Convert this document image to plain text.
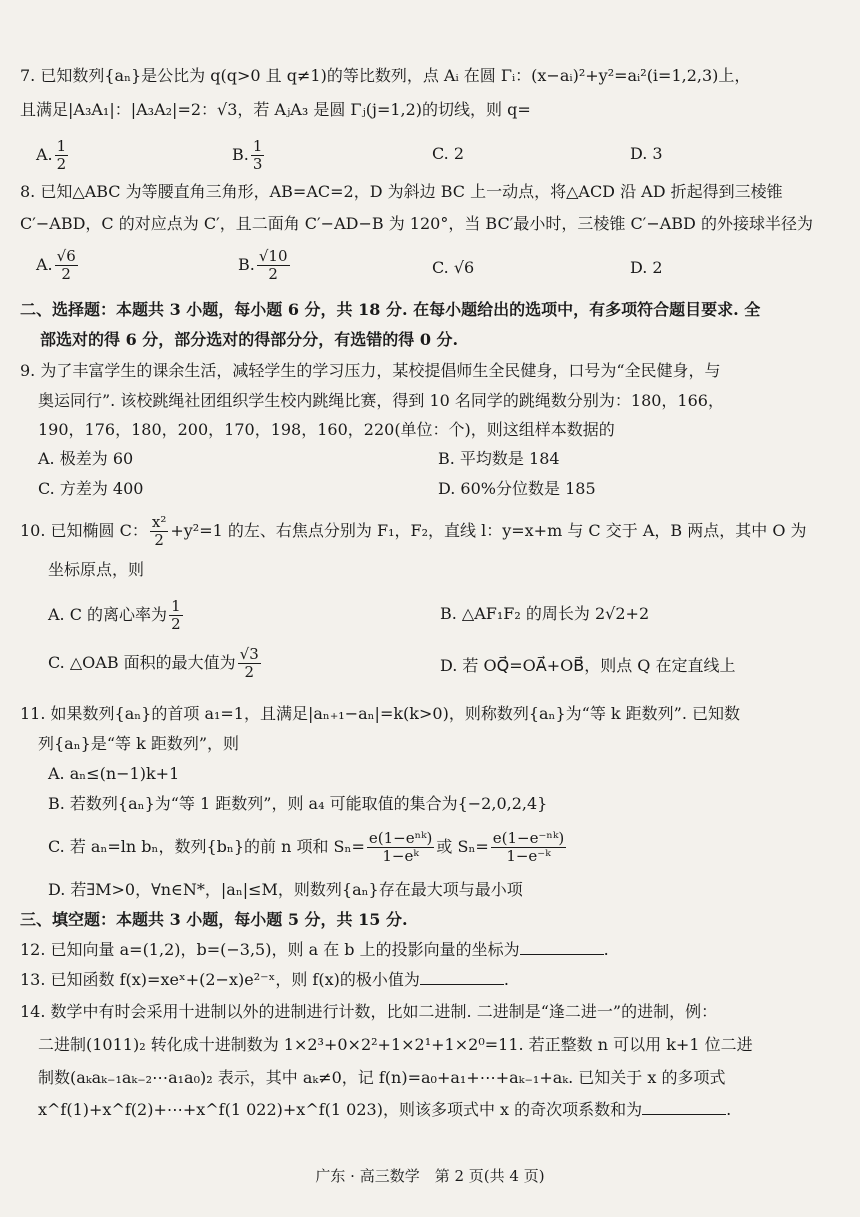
7. 已知数列{aₙ}是公比为 q(q>0 且 q≠1)的等比数列，点 Aᵢ 在圆 Γᵢ：(x−aᵢ)²+y²=aᵢ²(i=1,2,3)上，
且满足|A₃A₁|：|A₃A₂|=2：√3，若 AⱼA₃ 是圆 Γⱼ(j=1,2)的切线，则 q=
A. $\frac{1}{2}$	B. $\frac{1}{3}$	C. 2	D. 3
8. 已知△ABC 为等腰直角三角形，AB=AC=2，D 为斜边 BC 上一动点，将△ACD 沿 AD 折起得到三棱锥
C′−ABD，C 的对应点为 C′，且二面角 C′−AD−B 为 120°，当 BC′最小时，三棱锥 C′−ABD 的外接球半径为
A. $\frac{√6}{2}$	B. $\frac{√10}{2}$	C. √6	D. 2
二、选择题：本题共 3 小题，每小题 6 分，共 18 分. 在每小题给出的选项中，有多项符合题目要求. 全
部选对的得 6 分，部分选对的得部分分，有选错的得 0 分.
9. 为了丰富学生的课余生活，减轻学生的学习压力，某校提倡师生全民健身，口号为“全民健身，与
奥运同行”. 该校跳绳社团组织学生校内跳绳比赛，得到 10 名同学的跳绳数分别为：180，166，
190，176，180，200，170，198，160，220(单位：个)，则这组样本数据的
A. 极差为 60	B. 平均数是 184
C. 方差为 400	D. 60%分位数是 185
10. 已知椭圆 C： $\frac{\text{x²}}{2} +y^2=1$ 的左、右焦点分别为 F₁，F₂，直线 l：y=x+m 与 C 交于 A，B 两点，其中 O 为
坐标原点，则
A. C 的离心率为 $\frac{1}{2}$	B. △AF₁F₂ 的周长为 2√2+2
C. △OAB 面积的最大值为 $\frac{√3}{2}$	D. 若 OQ⃗=OA⃗+OB⃗，则点 Q 在定直线上
11. 如果数列{aₙ}的首项 a₁=1，且满足|aₙ₊₁−aₙ|=k(k>0)，则称数列{aₙ}为“等 k 距数列”. 已知数
列{aₙ}是“等 k 距数列”，则
A. aₙ≤(n−1)k+1
B. 若数列{aₙ}为“等 1 距数列”，则 a₄ 可能取值的集合为{−2,0,2,4}
C. 若 aₙ=ln bₙ，数列{bₙ}的前 n 项和 Sₙ= e(1−eⁿᵏ)
1−eᵏ 或 $S_n= \frac{\text{e(1−e⁻ⁿᵏ)}}{\text{1−e⁻ᵏ}}$
D. 若∃M>0，∀n∈N*，|aₙ|≤M，则数列{aₙ}存在最大项与最小项
三、填空题：本题共 3 小题，每小题 5 分，共 15 分.
12. 已知向量 a=(1,2)，b=(−3,5)，则 a 在 b 上的投影向量的坐标为	.
13. 已知函数 f(x)=xeˣ+(2−x)e²⁻ˣ，则 f(x)的极小值为	.
14. 数学中有时会采用十进制以外的进制进行计数，比如二进制. 二进制是“逢二进一”的进制，例：
二进制(1011)₂ 转化成十进制数为 1×2³+0×2²+1×2¹+1×2⁰=11. 若正整数 n 可以用 k+1 位二进
制数(aₖaₖ₋₁aₖ₋₂⋯a₁a₀)₂ 表示，其中 aₖ≠0，记 f(n)=a₀+a₁+⋯+aₖ₋₁+aₖ. 已知关于 x 的多项式
x^f(1)+x^f(2)+⋯+x^f(1 022)+x^f(1 023)，则该多项式中 x 的奇次项系数和为	.
广东 · 高三数学　第 2 页(共 4 页)
